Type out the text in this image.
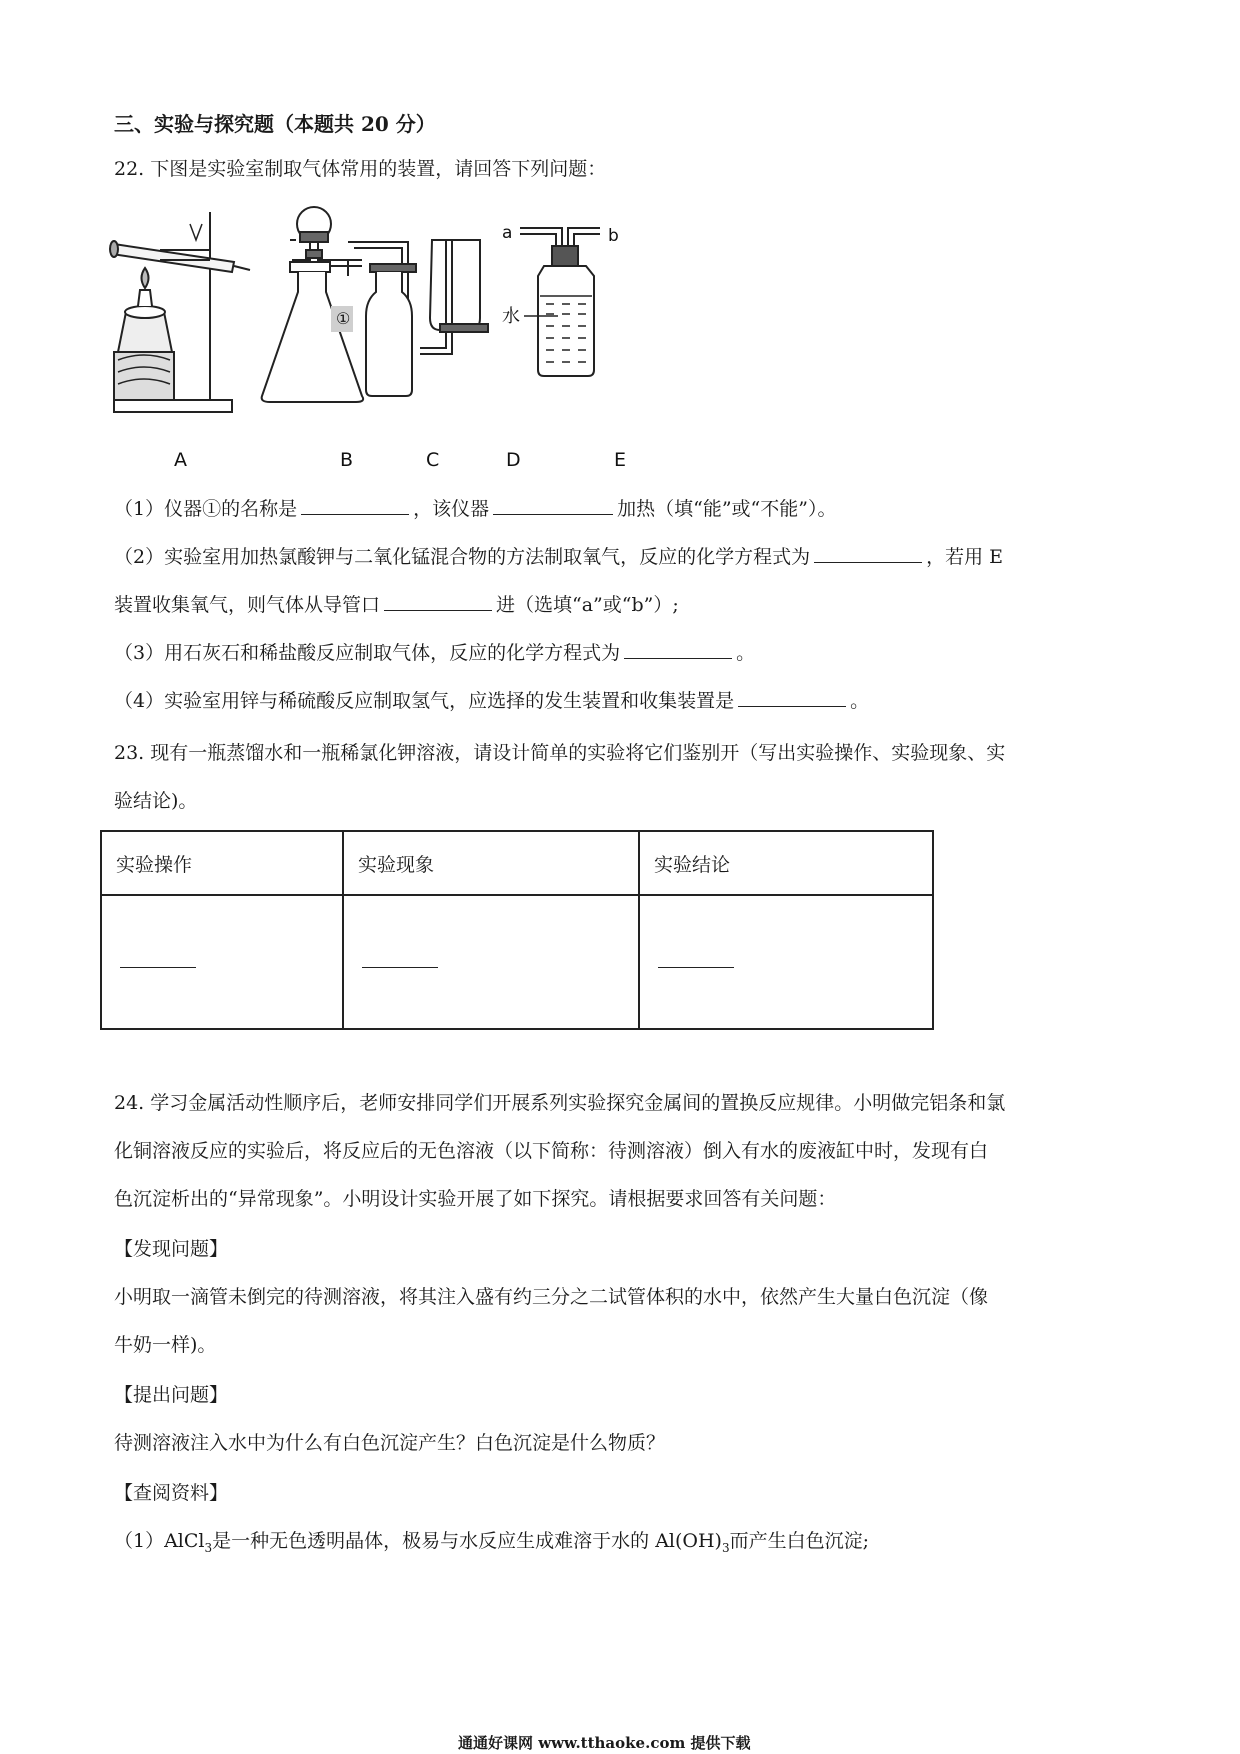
三、实验与探究题（本题共 20 分）
22. 下图是实验室制取气体常用的装置，请回答下列问题：
①	水
a	b
A	B	C	D	E
（1）仪器①的名称是	，该仪器	加热（填“能”或“不能”）。
（2）实验室用加热氯酸钾与二氧化锰混合物的方法制取氧气，反应的化学方程式为	，若用 E
装置收集氧气，则气体从导管口	进（选填“a”或“b”）;
（3）用石灰石和稀盐酸反应制取气体，反应的化学方程式为	。
（4）实验室用锌与稀硫酸反应制取氢气，应选择的发生装置和收集装置是	。
23. 现有一瓶蒸馏水和一瓶稀氯化钾溶液，请设计简单的实验将它们鉴别开（写出实验操作、实验现象、实
验结论)。
实验操作	实验现象	实验结论

24. 学习金属活动性顺序后，老师安排同学们开展系列实验探究金属间的置换反应规律。小明做完铝条和氯
化铜溶液反应的实验后，将反应后的无色溶液（以下简称：待测溶液）倒入有水的废液缸中时，发现有白
色沉淀析出的“异常现象”。小明设计实验开展了如下探究。请根据要求回答有关问题：
【发现问题】
小明取一滴管未倒完的待测溶液，将其注入盛有约三分之二试管体积的水中，依然产生大量白色沉淀（像
牛奶一样)。
【提出问题】
待测溶液注入水中为什么有白色沉淀产生？白色沉淀是什么物质？
【查阅资料】
（1）AlCl$_3$是一种无色透明晶体，极易与水反应生成难溶于水的 $Al(OH)_3$而产生白色沉淀;
通通好课网 www.tthaoke.com 提供下载
